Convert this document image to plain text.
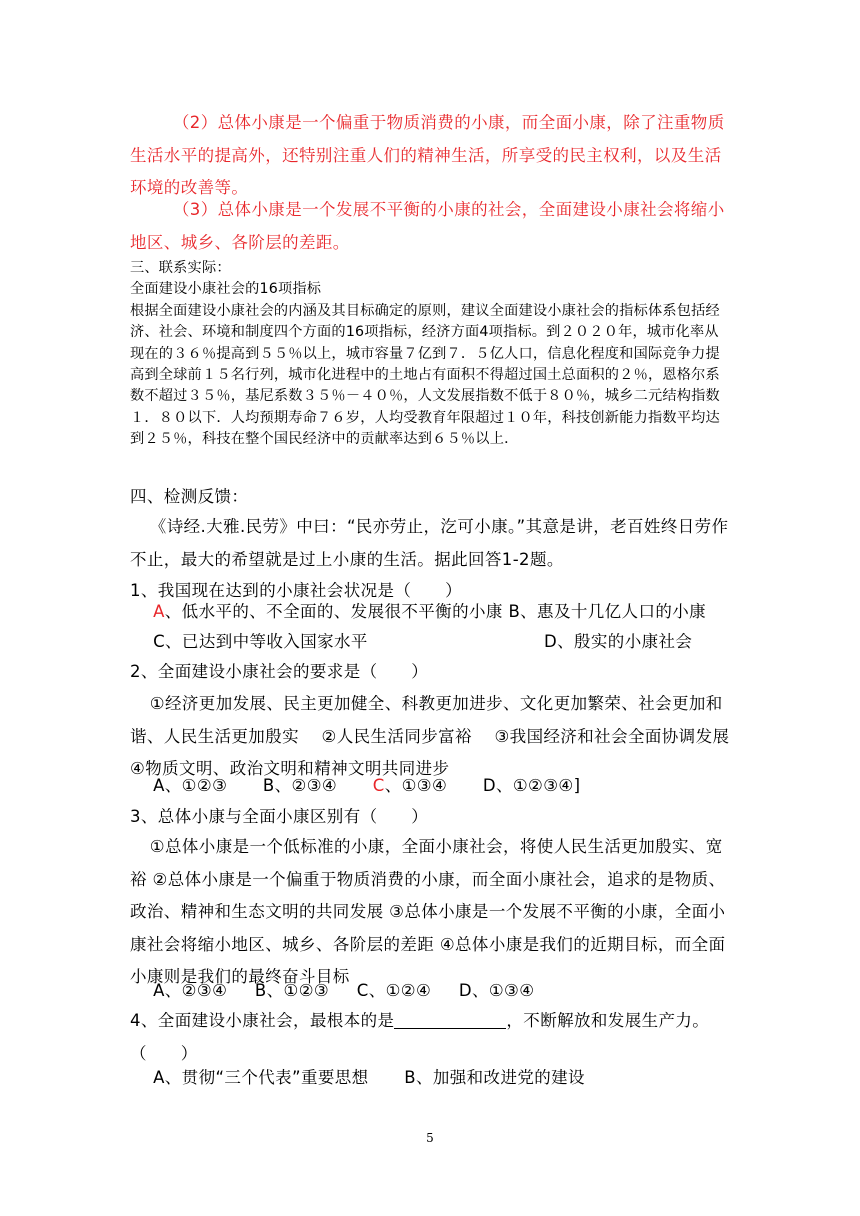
（2）总体小康是一个偏重于物质消费的小康，而全面小康，除了注重物质生活水平的提高外，还特别注重人们的精神生活，所享受的民主权利，以及生活环境的改善等。

（3）总体小康是一个发展不平衡的小康的社会，全面建设小康社会将缩小地区、城乡、各阶层的差距。

三、联系实际：

全面建设小康社会的16项指标

根据全面建设小康社会的内涵及其目标确定的原则，建议全面建设小康社会的指标体系包括经济、社会、环境和制度四个方面的16项指标，经济方面4项指标。到２０２０年，城市化率从现在的３６％提高到５５％以上，城市容量７亿到７．５亿人口，信息化程度和国际竞争力提高到全球前１５名行列，城市化进程中的土地占有面积不得超过国土总面积的２％，恩格尔系数不超过３５％，基尼系数３５％－４０％，人文发展指数不低于８０％，城乡二元结构指数１．８０以下．人均预期寿命７６岁，人均受教育年限超过１０年，科技创新能力指数平均达到２５％，科技在整个国民经济中的贡献率达到６５％以上．

四、检测反馈：

《诗经.大雅.民劳》中曰：“民亦劳止，汔可小康。”其意是讲，老百姓终日劳作不止，最大的希望就是过上小康的生活。据此回答1-2题。

1、我国现在达到的小康社会状况是（　　）

A、低水平的、不全面的、发展很不平衡的小康 B、惠及十几亿人口的小康

C、已达到中等收入国家水平	D、殷实的小康社会

2、全面建设小康社会的要求是（　　）

①经济更加发展、民主更加健全、科教更加进步、文化更加繁荣、社会更加和谐、人民生活更加殷实　 ②人民生活同步富裕　 ③我国经济和社会全面协调发展　 ④物质文明、政治文明和精神文明共同进步

A、①②③ B、②③④ C、①③④ D、①②③④]

3、总体小康与全面小康区别有（　　）

①总体小康是一个低标准的小康，全面小康社会，将使人民生活更加殷实、宽裕 ②总体小康是一个偏重于物质消费的小康，而全面小康社会，追求的是物质、政治、精神和生态文明的共同发展 ③总体小康是一个发展不平衡的小康，全面小康社会将缩小地区、城乡、各阶层的差距 ④总体小康是我们的近期目标，而全面小康则是我们的最终奋斗目标

A、②③④ B、①②③ C、①②④ D、①③④

4、全面建设小康社会，最根本的是	，不断解放和发展生产力。（　　）

A、贯彻“三个代表”重要思想 B、加强和改进党的建设

5
